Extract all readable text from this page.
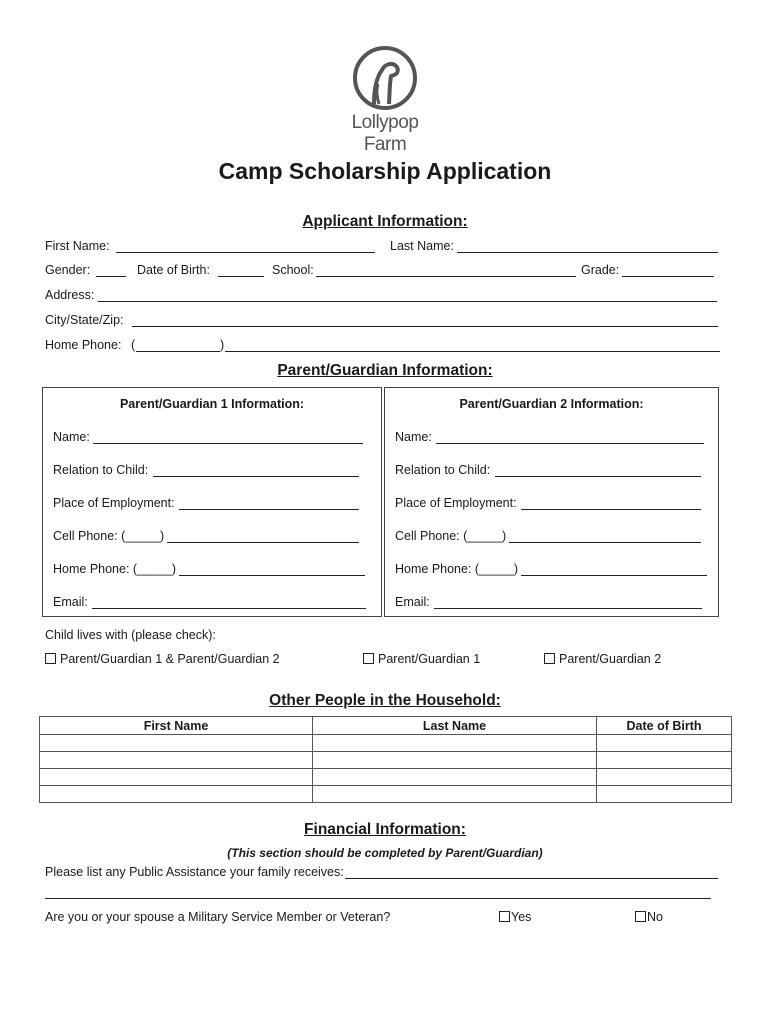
Lollypop Farm
Camp Scholarship Application
Applicant Information:
First Name:	Last Name:
Gender:	Date of Birth:	School:	Grade:
Address:
City/State/Zip:
Home Phone: (	)
Parent/Guardian Information:
Parent/Guardian 1 Information:
Name:
Relation to Child:
Place of Employment:
Cell Phone: (_____)
Home Phone: (_____)
Email:
Parent/Guardian 2 Information:
Name:
Relation to Child:
Place of Employment:
Cell Phone: (_____)
Home Phone: (_____)
Email:
Child lives with (please check):
Parent/Guardian 1 & Parent/Guardian 2	Parent/Guardian 1	Parent/Guardian 2
Other People in the Household:
First Name	Last Name	Date of Birth

Financial Information:
(This section should be completed by Parent/Guardian)
Please list any Public Assistance your family receives:
Are you or your spouse a Military Service Member or Veteran?	Yes	No
